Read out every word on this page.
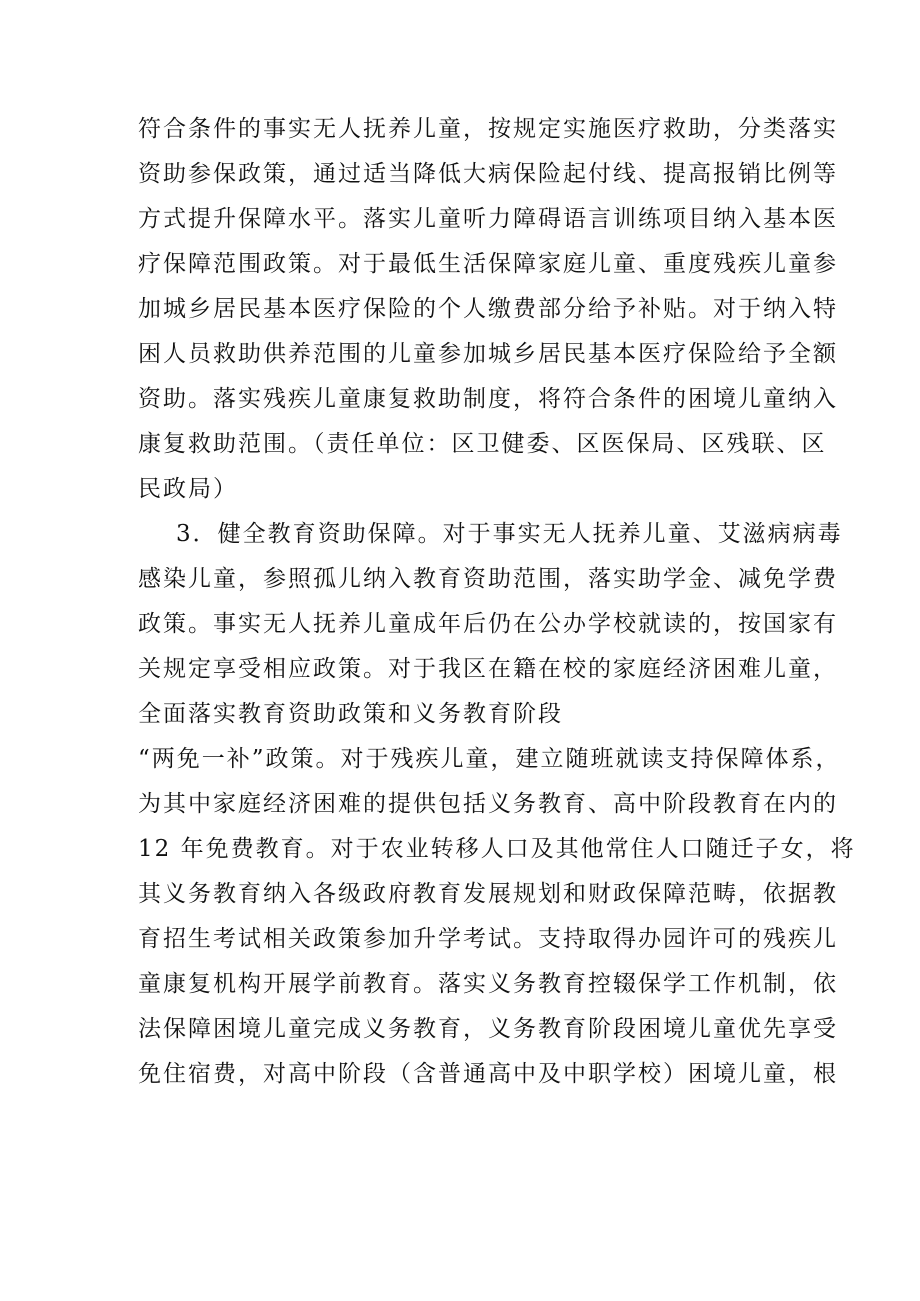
符合条件的事实无人抚养儿童，按规定实施医疗救助，分类落实
资助参保政策，通过适当降低大病保险起付线、提高报销比例等
方式提升保障水平。落实儿童听力障碍语言训练项目纳入基本医
疗保障范围政策。对于最低生活保障家庭儿童、重度残疾儿童参
加城乡居民基本医疗保险的个人缴费部分给予补贴。对于纳入特
困人员救助供养范围的儿童参加城乡居民基本医疗保险给予全额
资助。落实残疾儿童康复救助制度，将符合条件的困境儿童纳入
康复救助范围。（责任单位：区卫健委、区医保局、区残联、区
民政局）
3．健全教育资助保障。对于事实无人抚养儿童、艾滋病病毒
感染儿童，参照孤儿纳入教育资助范围，落实助学金、减免学费
政策。事实无人抚养儿童成年后仍在公办学校就读的，按国家有
关规定享受相应政策。对于我区在籍在校的家庭经济困难儿童，
全面落实教育资助政策和义务教育阶段
“两免一补”政策。对于残疾儿童，建立随班就读支持保障体系，
为其中家庭经济困难的提供包括义务教育、高中阶段教育在内的
12 年免费教育。对于农业转移人口及其他常住人口随迁子女，将
其义务教育纳入各级政府教育发展规划和财政保障范畴，依据教
育招生考试相关政策参加升学考试。支持取得办园许可的残疾儿
童康复机构开展学前教育。落实义务教育控辍保学工作机制，依
法保障困境儿童完成义务教育，义务教育阶段困境儿童优先享受
免住宿费，对高中阶段（含普通高中及中职学校）困境儿童，根
